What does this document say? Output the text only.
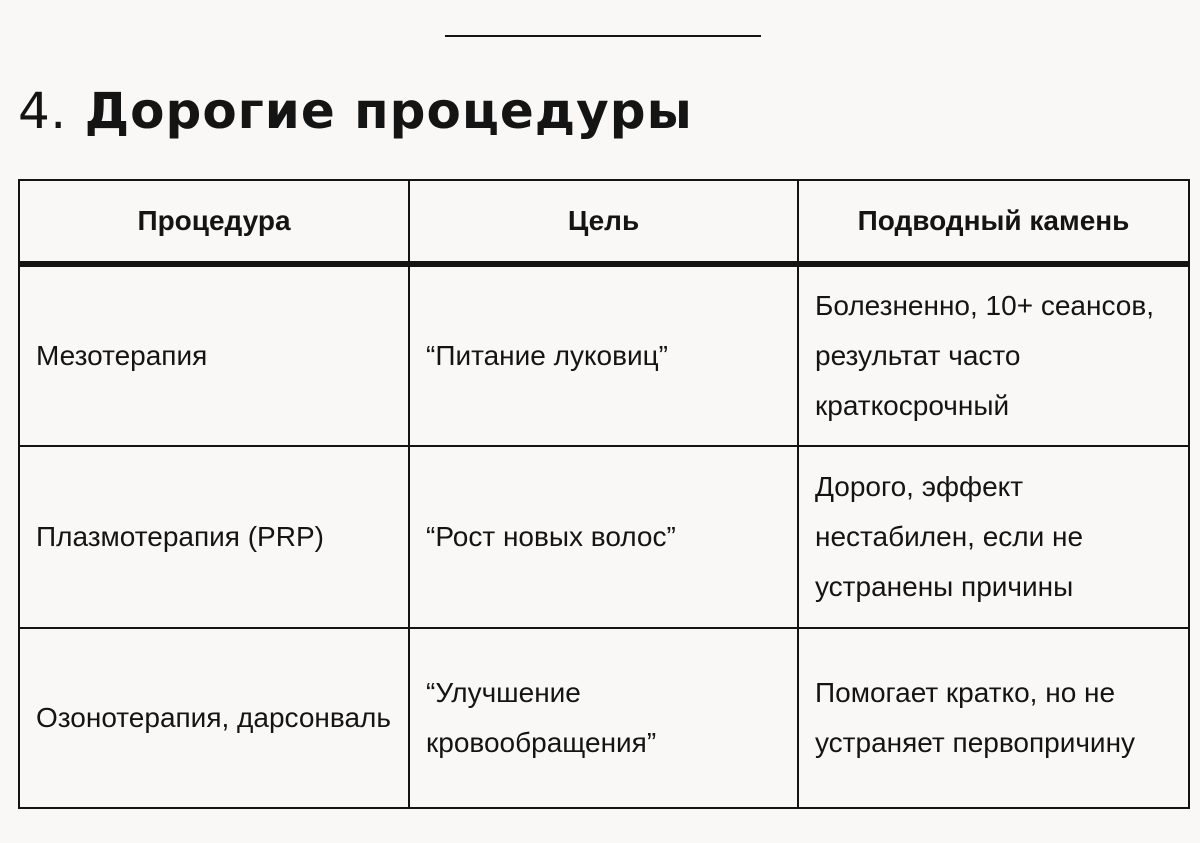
4. Дорогие процедуры
Процедура	Цель	Подводный камень
Мезотерапия	“Питание луковиц”	Болезненно, 10+ сеансов, результат часто краткосрочный
Плазмотерапия (PRP)	“Рост новых волос”	Дорого, эффект нестабилен, если не устранены причины
Озонотерапия, дарсонваль	“Улучшение кровообращения”	Помогает кратко, но не устраняет первопричину
